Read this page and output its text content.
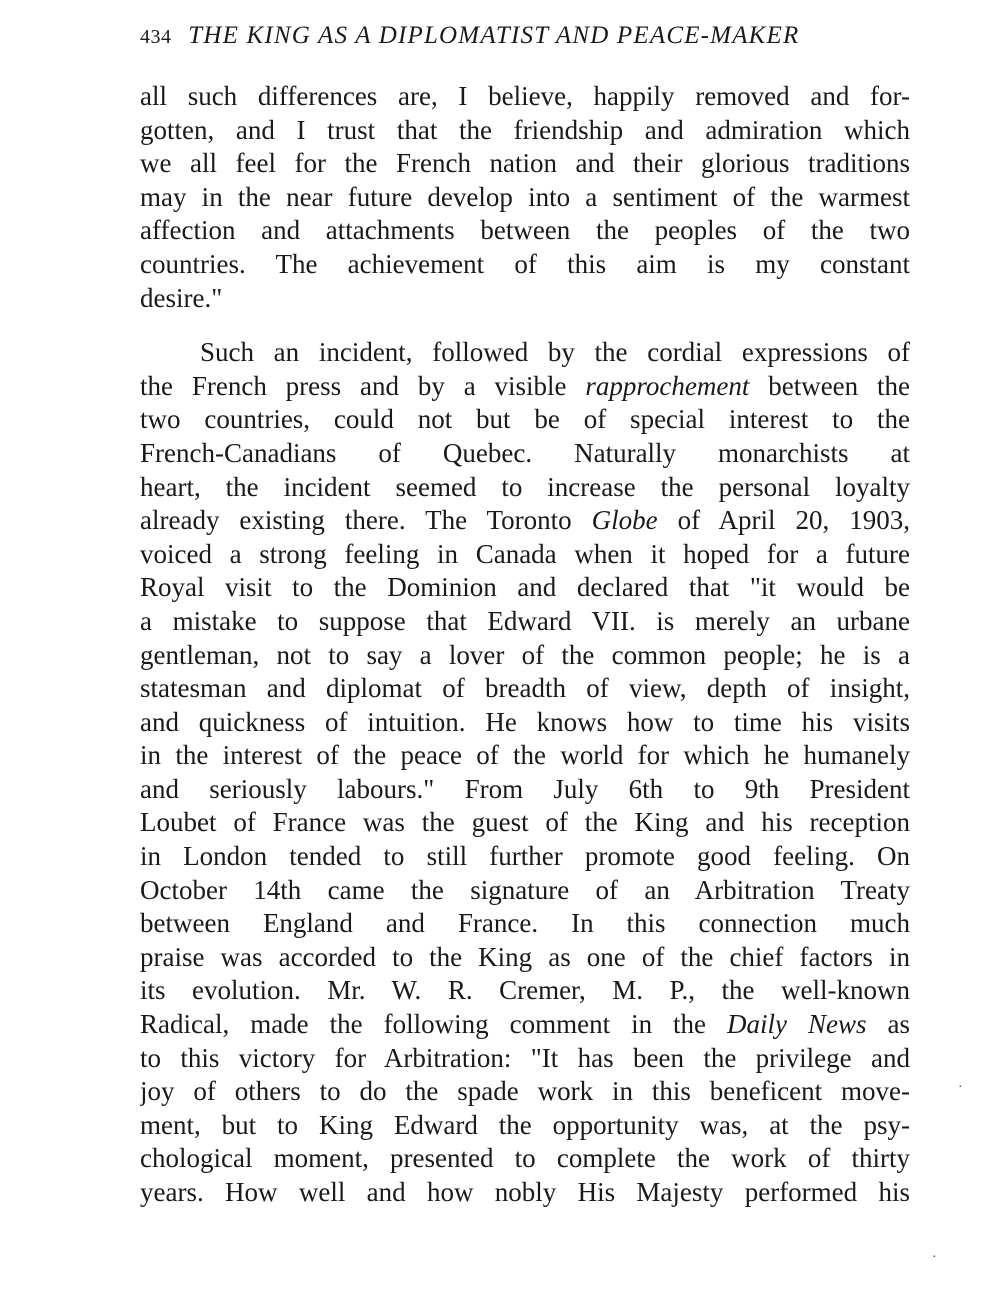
434 THE KING AS A DIPLOMATIST AND PEACE-MAKER
all such differences are, I believe, happily removed and for-
gotten, and I trust that the friendship and admiration which
we all feel for the French nation and their glorious traditions
may in the near future develop into a sentiment of the warmest
affection and attachments between the peoples of the two
countries. The achievement of this aim is my constant
desire."
Such an incident, followed by the cordial expressions of
the French press and by a visible rapprochement between the
two countries, could not but be of special interest to the
French-Canadians of Quebec. Naturally monarchists at
heart, the incident seemed to increase the personal loyalty
already existing there. The Toronto Globe of April 20, 1903,
voiced a strong feeling in Canada when it hoped for a future
Royal visit to the Dominion and declared that "it would be
a mistake to suppose that Edward VII. is merely an urbane
gentleman, not to say a lover of the common people; he is a
statesman and diplomat of breadth of view, depth of insight,
and quickness of intuition. He knows how to time his visits
in the interest of the peace of the world for which he humanely
and seriously labours." From July 6th to 9th President
Loubet of France was the guest of the King and his reception
in London tended to still further promote good feeling. On
October 14th came the signature of an Arbitration Treaty
between England and France. In this connection much
praise was accorded to the King as one of the chief factors in
its evolution. Mr. W. R. Cremer, M. P., the well-known
Radical, made the following comment in the Daily News as
to this victory for Arbitration: "It has been the privilege and
joy of others to do the spade work in this beneficent move-
ment, but to King Edward the opportunity was, at the psy-
chological moment, presented to complete the work of thirty
years. How well and how nobly His Majesty performed his
·
·
